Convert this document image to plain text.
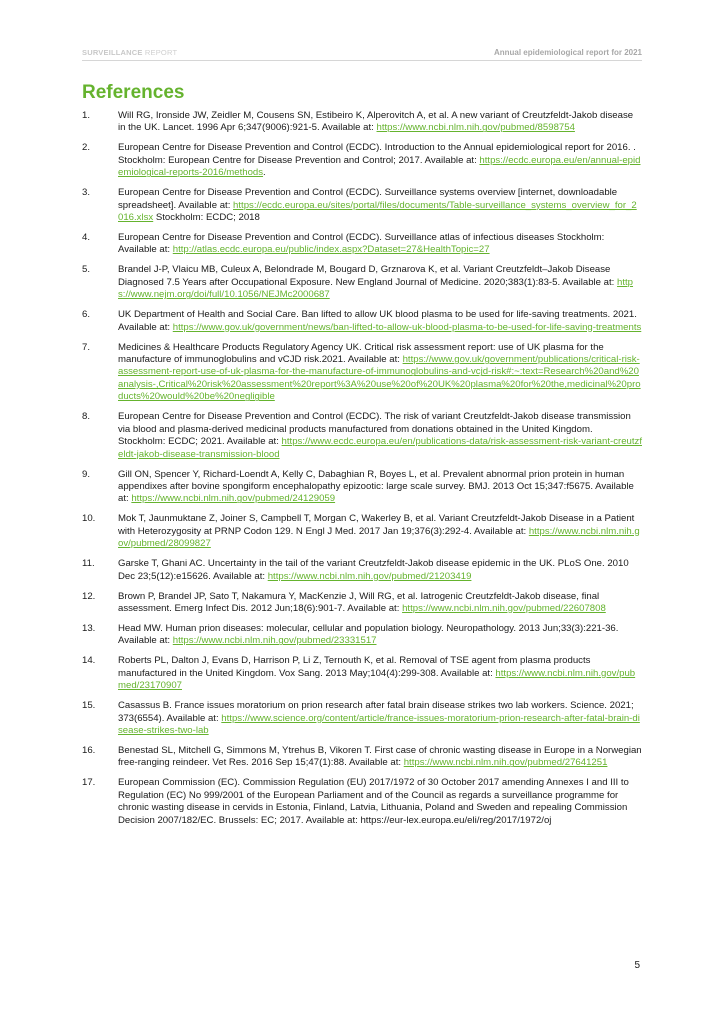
SURVEILLANCE REPORT	Annual epidemiological report for 2021
References
1.	Will RG, Ironside JW, Zeidler M, Cousens SN, Estibeiro K, Alperovitch A, et al. A new variant of Creutzfeldt-Jakob disease in the UK. Lancet. 1996 Apr 6;347(9006):921-5. Available at: https://www.ncbi.nlm.nih.gov/pubmed/8598754
2.	European Centre for Disease Prevention and Control (ECDC). Introduction to the Annual epidemiological report for 2016. . Stockholm: European Centre for Disease Prevention and Control; 2017. Available at: https://ecdc.europa.eu/en/annual-epidemiological-reports-2016/methods.
3.	European Centre for Disease Prevention and Control (ECDC). Surveillance systems overview [internet, downloadable spreadsheet]. Available at: https://ecdc.europa.eu/sites/portal/files/documents/Table-surveillance_systems_overview_for_2016.xlsx Stockholm: ECDC; 2018
4.	European Centre for Disease Prevention and Control (ECDC). Surveillance atlas of infectious diseases Stockholm: Available at: http://atlas.ecdc.europa.eu/public/index.aspx?Dataset=27&HealthTopic=27
5.	Brandel J-P, Vlaicu MB, Culeux A, Belondrade M, Bougard D, Grznarova K, et al. Variant Creutzfeldt–Jakob Disease Diagnosed 7.5 Years after Occupational Exposure. New England Journal of Medicine. 2020;383(1):83-5. Available at: https://www.nejm.org/doi/full/10.1056/NEJMc2000687
6.	UK Department of Health and Social Care. Ban lifted to allow UK blood plasma to be used for life-saving treatments. 2021. Available at: https://www.gov.uk/government/news/ban-lifted-to-allow-uk-blood-plasma-to-be-used-for-life-saving-treatments
7.	Medicines & Healthcare Products Regulatory Agency UK. Critical risk assessment report: use of UK plasma for the manufacture of immunoglobulins and vCJD risk.2021. Available at: https://www.gov.uk/government/publications/critical-risk-assessment-report-use-of-uk-plasma-for-the-manufacture-of-immunoglobulins-and-vcjd-risk#:~:text=Research%20and%20analysis-,Critical%20risk%20assessment%20report%3A%20use%20of%20UK%20plasma%20for%20the,medicinal%20products%20would%20be%20negligible
8.	European Centre for Disease Prevention and Control (ECDC). The risk of variant Creutzfeldt-Jakob disease transmission via blood and plasma-derived medicinal products manufactured from donations obtained in the United Kingdom. Stockholm: ECDC; 2021. Available at: https://www.ecdc.europa.eu/en/publications-data/risk-assessment-risk-variant-creutzfeldt-jakob-disease-transmission-blood
9.	Gill ON, Spencer Y, Richard-Loendt A, Kelly C, Dabaghian R, Boyes L, et al. Prevalent abnormal prion protein in human appendixes after bovine spongiform encephalopathy epizootic: large scale survey. BMJ. 2013 Oct 15;347:f5675. Available at: https://www.ncbi.nlm.nih.gov/pubmed/24129059
10. Mok T, Jaunmuktane Z, Joiner S, Campbell T, Morgan C, Wakerley B, et al. Variant Creutzfeldt-Jakob Disease in a Patient with Heterozygosity at PRNP Codon 129. N Engl J Med. 2017 Jan 19;376(3):292-4. Available at: https://www.ncbi.nlm.nih.gov/pubmed/28099827
11. Garske T, Ghani AC. Uncertainty in the tail of the variant Creutzfeldt-Jakob disease epidemic in the UK. PLoS One. 2010 Dec 23;5(12):e15626. Available at: https://www.ncbi.nlm.nih.gov/pubmed/21203419
12. Brown P, Brandel JP, Sato T, Nakamura Y, MacKenzie J, Will RG, et al. Iatrogenic Creutzfeldt-Jakob disease, final assessment. Emerg Infect Dis. 2012 Jun;18(6):901-7. Available at: https://www.ncbi.nlm.nih.gov/pubmed/22607808
13. Head MW. Human prion diseases: molecular, cellular and population biology. Neuropathology. 2013 Jun;33(3):221-36. Available at: https://www.ncbi.nlm.nih.gov/pubmed/23331517
14. Roberts PL, Dalton J, Evans D, Harrison P, Li Z, Ternouth K, et al. Removal of TSE agent from plasma products manufactured in the United Kingdom. Vox Sang. 2013 May;104(4):299-308. Available at: https://www.ncbi.nlm.nih.gov/pubmed/23170907
15. Casassus B. France issues moratorium on prion research after fatal brain disease strikes two lab workers. Science. 2021; 373(6554). Available at: https://www.science.org/content/article/france-issues-moratorium-prion-research-after-fatal-brain-disease-strikes-two-lab
16. Benestad SL, Mitchell G, Simmons M, Ytrehus B, Vikoren T. First case of chronic wasting disease in Europe in a Norwegian free-ranging reindeer. Vet Res. 2016 Sep 15;47(1):88. Available at: https://www.ncbi.nlm.nih.gov/pubmed/27641251
17. European Commission (EC). Commission Regulation (EU) 2017/1972 of 30 October 2017 amending Annexes I and III to Regulation (EC) No 999/2001 of the European Parliament and of the Council as regards a surveillance programme for chronic wasting disease in cervids in Estonia, Finland, Latvia, Lithuania, Poland and Sweden and repealing Commission Decision 2007/182/EC. Brussels: EC; 2017. Available at: https://eur-lex.europa.eu/eli/reg/2017/1972/oj
5
